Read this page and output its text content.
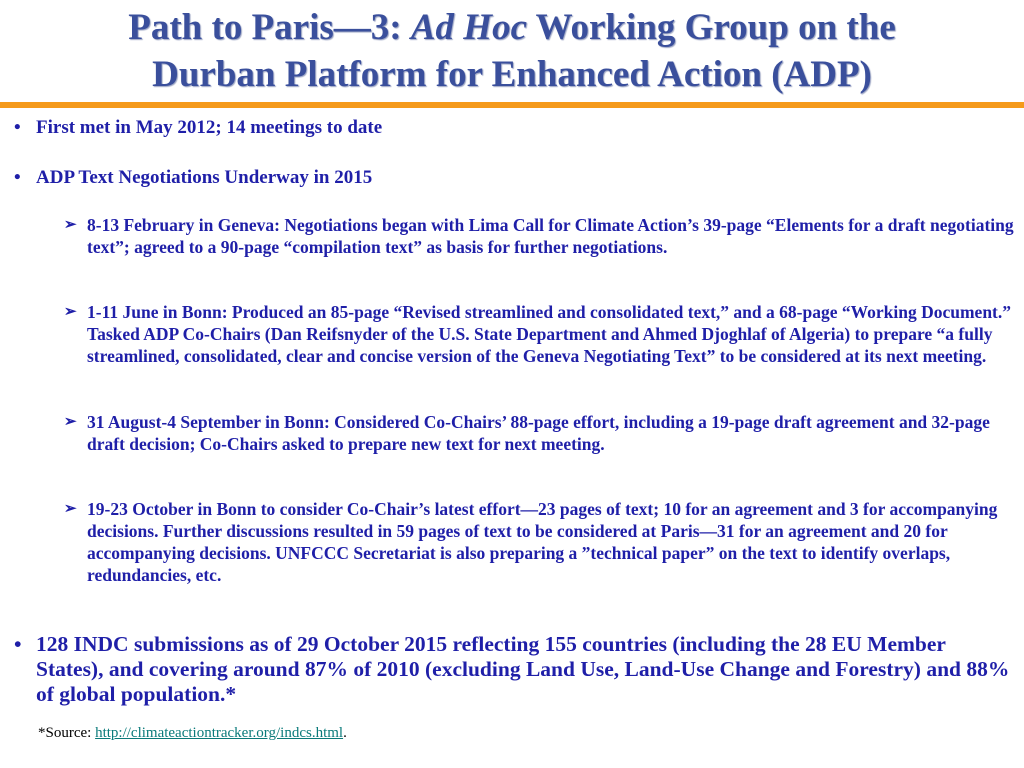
Path to Paris—3: Ad Hoc Working Group on the
Durban Platform for Enhanced Action (ADP)
• First met in May 2012; 14 meetings to date
• ADP Text Negotiations Underway in 2015
➢ 8-13 February in Geneva: Negotiations began with Lima Call for Climate Action’s 39-page “Elements for a draft negotiating text”; agreed to a 90-page “compilation text” as basis for further negotiations.
➢ 1-11 June in Bonn: Produced an 85-page “Revised streamlined and consolidated text,” and a 68-page “Working Document.” Tasked ADP Co-Chairs (Dan Reifsnyder of the U.S. State Department and Ahmed Djoghlaf of Algeria) to prepare “a fully streamlined, consolidated, clear and concise version of the Geneva Negotiating Text” to be considered at its next meeting.
➢ 31 August-4 September in Bonn: Considered Co-Chairs’ 88-page effort, including a 19-page draft agreement and 32-page draft decision; Co-Chairs asked to prepare new text for next meeting.
➢ 19-23 October in Bonn to consider Co-Chair’s latest effort—23 pages of text; 10 for an agreement and 3 for accompanying decisions. Further discussions resulted in 59 pages of text to be considered at Paris—31 for an agreement and 20 for accompanying decisions. UNFCCC Secretariat is also preparing a ”technical paper” on the text to identify overlaps, redundancies, etc.
• 128 INDC submissions as of 29 October 2015 reflecting 155 countries (including the 28 EU Member States), and covering around 87% of 2010 (excluding Land Use, Land-Use Change and Forestry) and 88% of global population.*
*Source: http://climateactiontracker.org/indcs.html.
